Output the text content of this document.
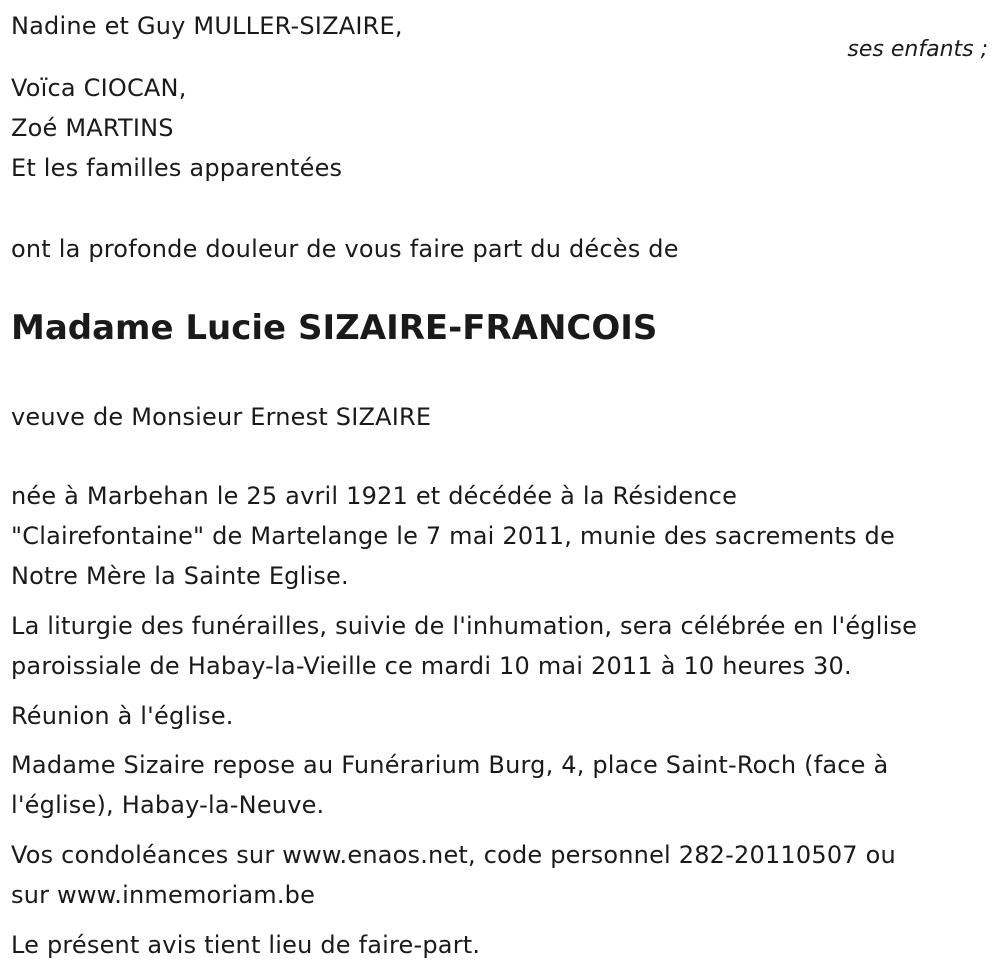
Nadine et Guy MULLER-SIZAIRE,
ses enfants ;
Voïca CIOCAN,
Zoé MARTINS
Et les familles apparentées
ont la profonde douleur de vous faire part du décès de
Madame Lucie SIZAIRE-FRANCOIS
veuve de Monsieur Ernest SIZAIRE
née à Marbehan le 25 avril 1921 et décédée à la Résidence
"Clairefontaine" de Martelange le 7 mai 2011, munie des sacrements de
Notre Mère la Sainte Eglise.
La liturgie des funérailles, suivie de l'inhumation, sera célébrée en l'église
paroissiale de Habay-la-Vieille ce mardi 10 mai 2011 à 10 heures 30.
Réunion à l'église.
Madame Sizaire repose au Funérarium Burg, 4, place Saint-Roch (face à
l'église), Habay-la-Neuve.
Vos condoléances sur www.enaos.net, code personnel 282-20110507 ou
sur www.inmemoriam.be
Le présent avis tient lieu de faire-part.
